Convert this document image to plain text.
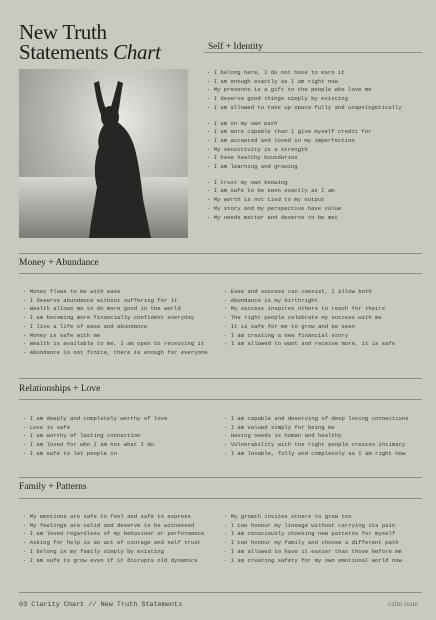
New Truth
Statements Chart	Self + Identity
· I belong here, I do not have to earn it
· I am enough exactly as I am right now
· My presence is a gift to the people who love me
· I deserve good things simply by existing
· I am allowed to take up space fully and unapologetically
· I am on my own path
· I am more capable than I give myself credit for
· I am accepted and loved in my imperfection
· My sensitivity is a strength
· I have healthy boundaries
· I am learning and growing
· I trust my own knowing
· I am safe to be seen exactly as I am
· My worth is not tied to my output
· My story and my perspective have value
· My needs matter and deserve to be met
Money + Abundance
· Money flows to me with ease
· I deserve abundance without suffering for it
· Wealth allows me to do more good in the world
· I am becoming more financially confident everyday
· I live a life of ease and abundance
· Money is safe with me
· Wealth is available to me, I am open to receiving it
· Abundance is not finite, there is enough for everyone
· Ease and success can coexist, I allow both
· Abundance is my birthright
· My success inspires others to reach for theirs
· The right people celebrate my success with me
· It is safe for me to grow and be seen
· I am creating a new financial story
· I am allowed to want and receive more, it is safe
Relationships + Love
· I am deeply and completely worthy of love
· Love is safe
· I am worthy of lasting connection
· I am loved for who I am not what I do
· I am safe to let people in
· I am capable and deserving of deep loving connections
· I am valued simply for being me
· Having needs is human and healthy
· Vulnerability with the right people creates intimacy
· I am lovable, fully and completely as I am right now
Family + Patterns
· My emotions are safe to feel and safe to express
· My feelings are valid and deserve to be witnessed
· I am loved regardless of my behaviour or performance
· Asking for help is an act of courage and self trust
· I belong in my family simply by existing
· I am safe to grow even if it disrupts old dynamics
· My growth invites others to grow too
· I can honour my lineage without carrying its pain
· I am consciously choosing new patterns for myself
· I can honour my family and choose a different path
· I am allowed to have it easier than those before me
· I am creating safety for my own emotional world now
03 Clarity Chart // New Truth Statements	calm state
